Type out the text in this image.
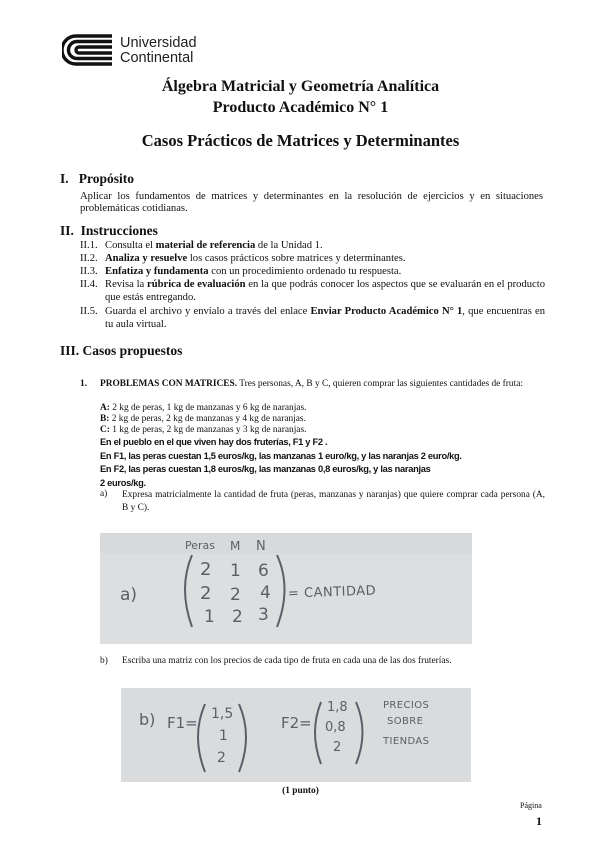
Universidad
Continental
Álgebra Matricial y Geometría Analítica
Producto Académico N° 1
Casos Prácticos de Matrices y Determinantes
I.   Propósito
Aplicar los fundamentos de matrices y determinantes en la resolución de ejercicios y en situaciones problemáticas cotidianas.
II.  Instrucciones
II.1. Consulta el material de referencia de la Unidad 1.
II.2. Analiza y resuelve los casos prácticos sobre matrices y determinantes.
II.3. Enfatiza y fundamenta con un procedimiento ordenado tu respuesta.
II.4. Revisa la rúbrica de evaluación en la que podrás conocer los aspectos que se evaluarán en el producto que estás entregando.
II.5. Guarda el archivo y envíalo a través del enlace Enviar Producto Académico N° 1, que encuentras en tu aula virtual.
III. Casos propuestos
1.	PROBLEMAS CON MATRICES. Tres personas, A, B y C, quieren comprar las siguientes cantidades de fruta:
A: 2 kg de peras, 1 kg de manzanas y 6 kg de naranjas.
B: 2 kg de peras, 2 kg de manzanas y 4 kg de naranjas.
C: 1 kg de peras, 2 kg de manzanas y 3 kg de naranjas.
En el pueblo en el que viven hay dos fruterías, F1 y F2 .
En F1, las peras cuestan 1,5 euros/kg, las manzanas 1 euro/kg, y las naranjas 2 euro/kg.
En F2, las peras cuestan 1,8 euros/kg, las manzanas 0,8 euros/kg, y las naranjas
2 euros/kg.
a)	Expresa matricialmente la cantidad de fruta (peras, manzanas y naranjas) que quiere comprar cada persona (A, B y C).
a)
Peras M N
2 1 6
2 2 4
1 2 3
= CANTIDAD
b)	Escriba una matriz con los precios de cada tipo de fruta en cada una de las dos fruterías.
b) F1= 1,5
1
2
F2=
1,8
0,8
2
PRECIOS
SOBRE
TIENDAS
(1 punto)
Página
1
